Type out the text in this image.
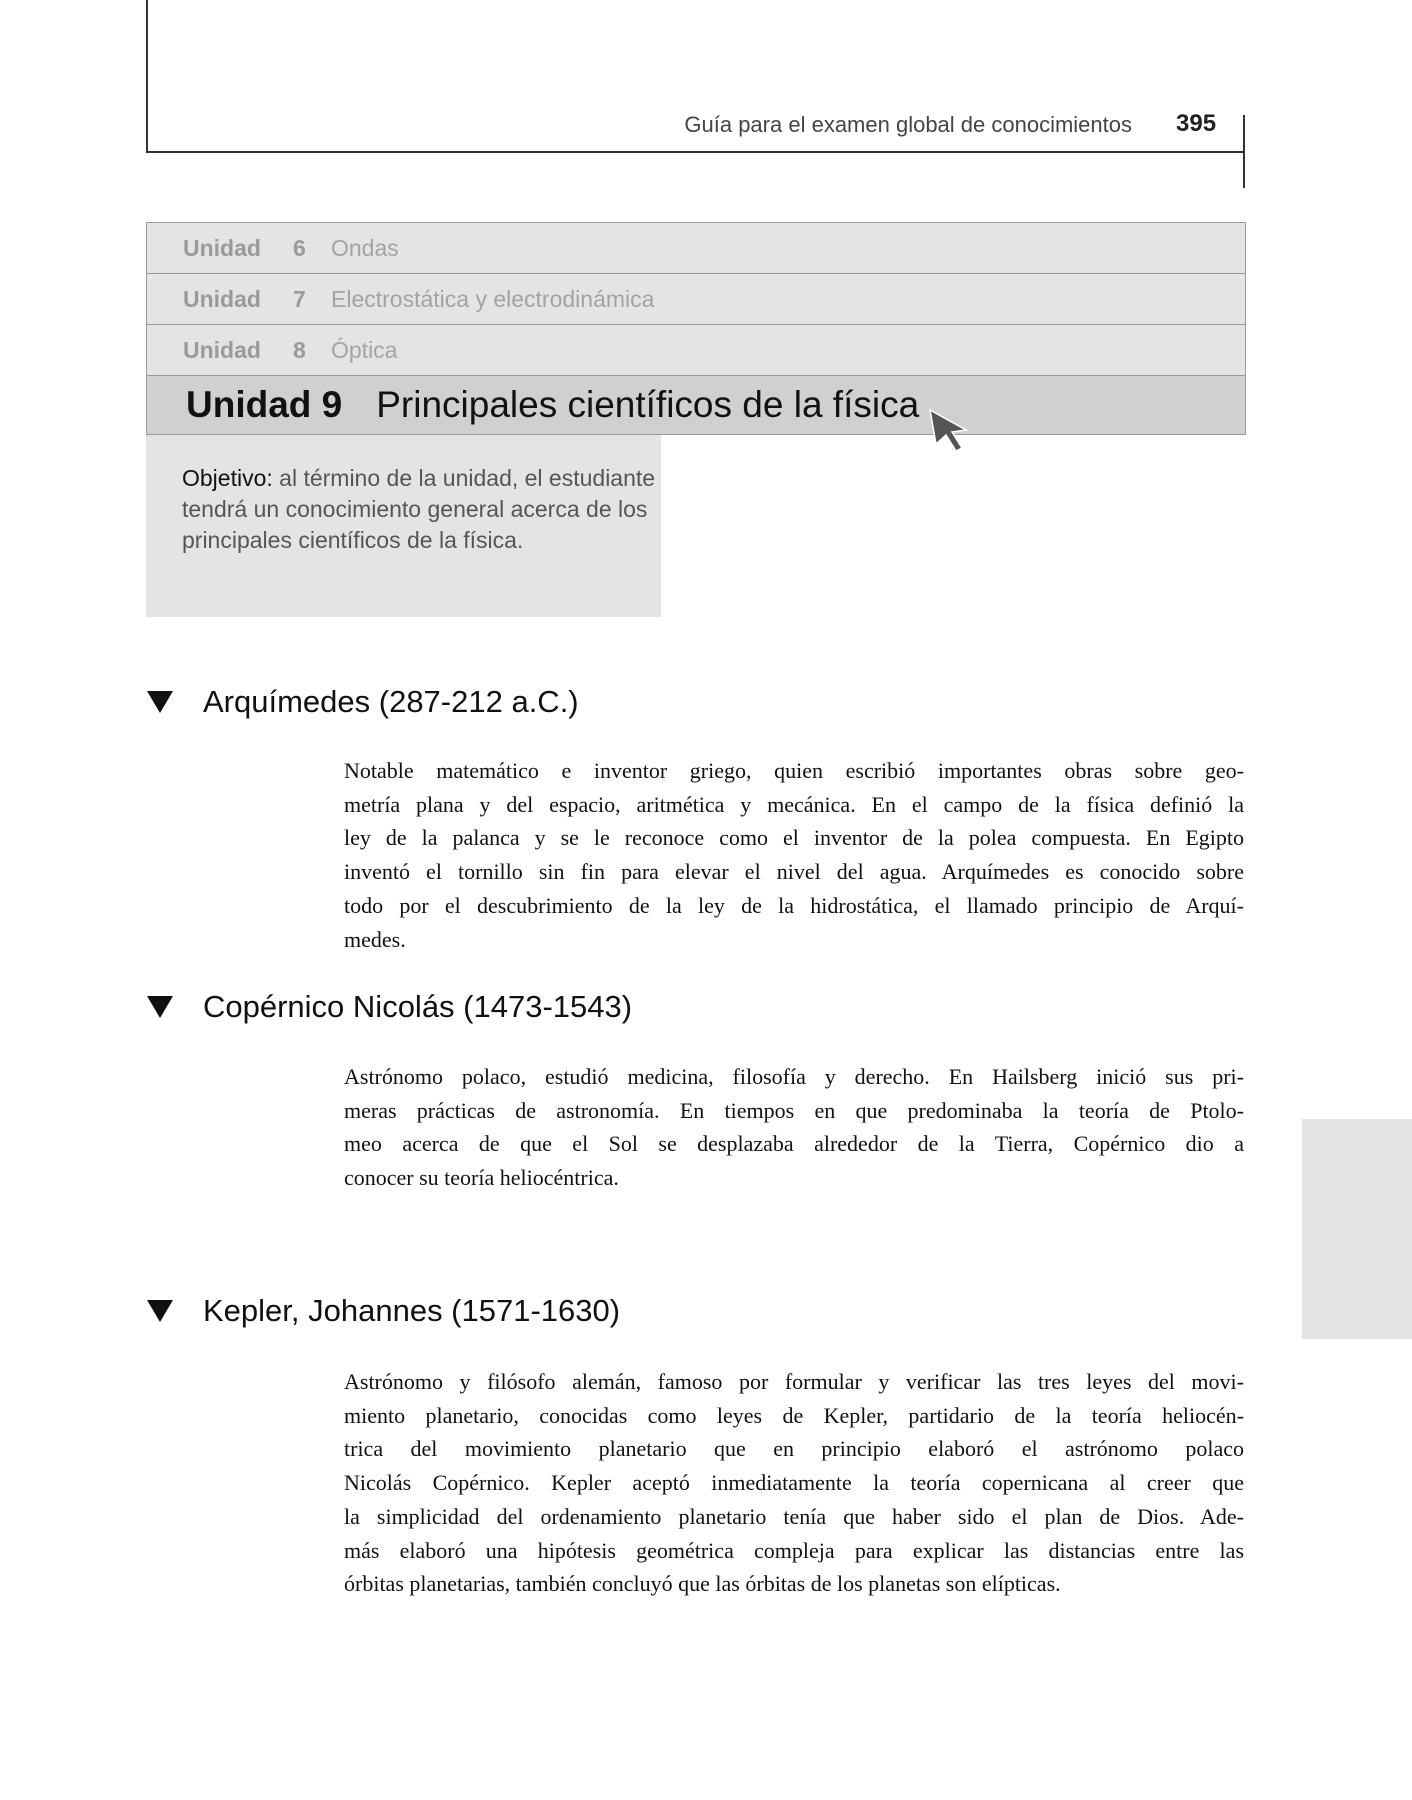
Guía para el examen global de conocimientos 395
Unidad	6	Ondas
Unidad	7	Electrostática y electrodinámica
Unidad	8	Óptica
Unidad 9 Principales científicos de la física

Objetivo: al término de la unidad, el estudiante tendrá un conocimiento general acerca de los principales científicos de la física.

Arquímedes (287-212 a.C.)
Notable matemático e inventor griego, quien escribió importantes obras sobre geo-
metría plana y del espacio, aritmética y mecánica. En el campo de la física definió la
ley de la palanca y se le reconoce como el inventor de la polea compuesta. En Egipto
inventó el tornillo sin fin para elevar el nivel del agua. Arquímedes es conocido sobre
todo por el descubrimiento de la ley de la hidrostática, el llamado principio de Arquí-
medes.
Copérnico Nicolás (1473-1543)
Astrónomo polaco, estudió medicina, filosofía y derecho. En Hailsberg inició sus pri-
meras prácticas de astronomía. En tiempos en que predominaba la teoría de Ptolo-
meo acerca de que el Sol se desplazaba alrededor de la Tierra, Copérnico dio a
conocer su teoría heliocéntrica.
Kepler, Johannes (1571-1630)
Astrónomo y filósofo alemán, famoso por formular y verificar las tres leyes del movi-
miento planetario, conocidas como leyes de Kepler, partidario de la teoría heliocén-
trica del movimiento planetario que en principio elaboró el astrónomo polaco
Nicolás Copérnico. Kepler aceptó inmediatamente la teoría copernicana al creer que
la simplicidad del ordenamiento planetario tenía que haber sido el plan de Dios. Ade-
más elaboró una hipótesis geométrica compleja para explicar las distancias entre las
órbitas planetarias, también concluyó que las órbitas de los planetas son elípticas.
